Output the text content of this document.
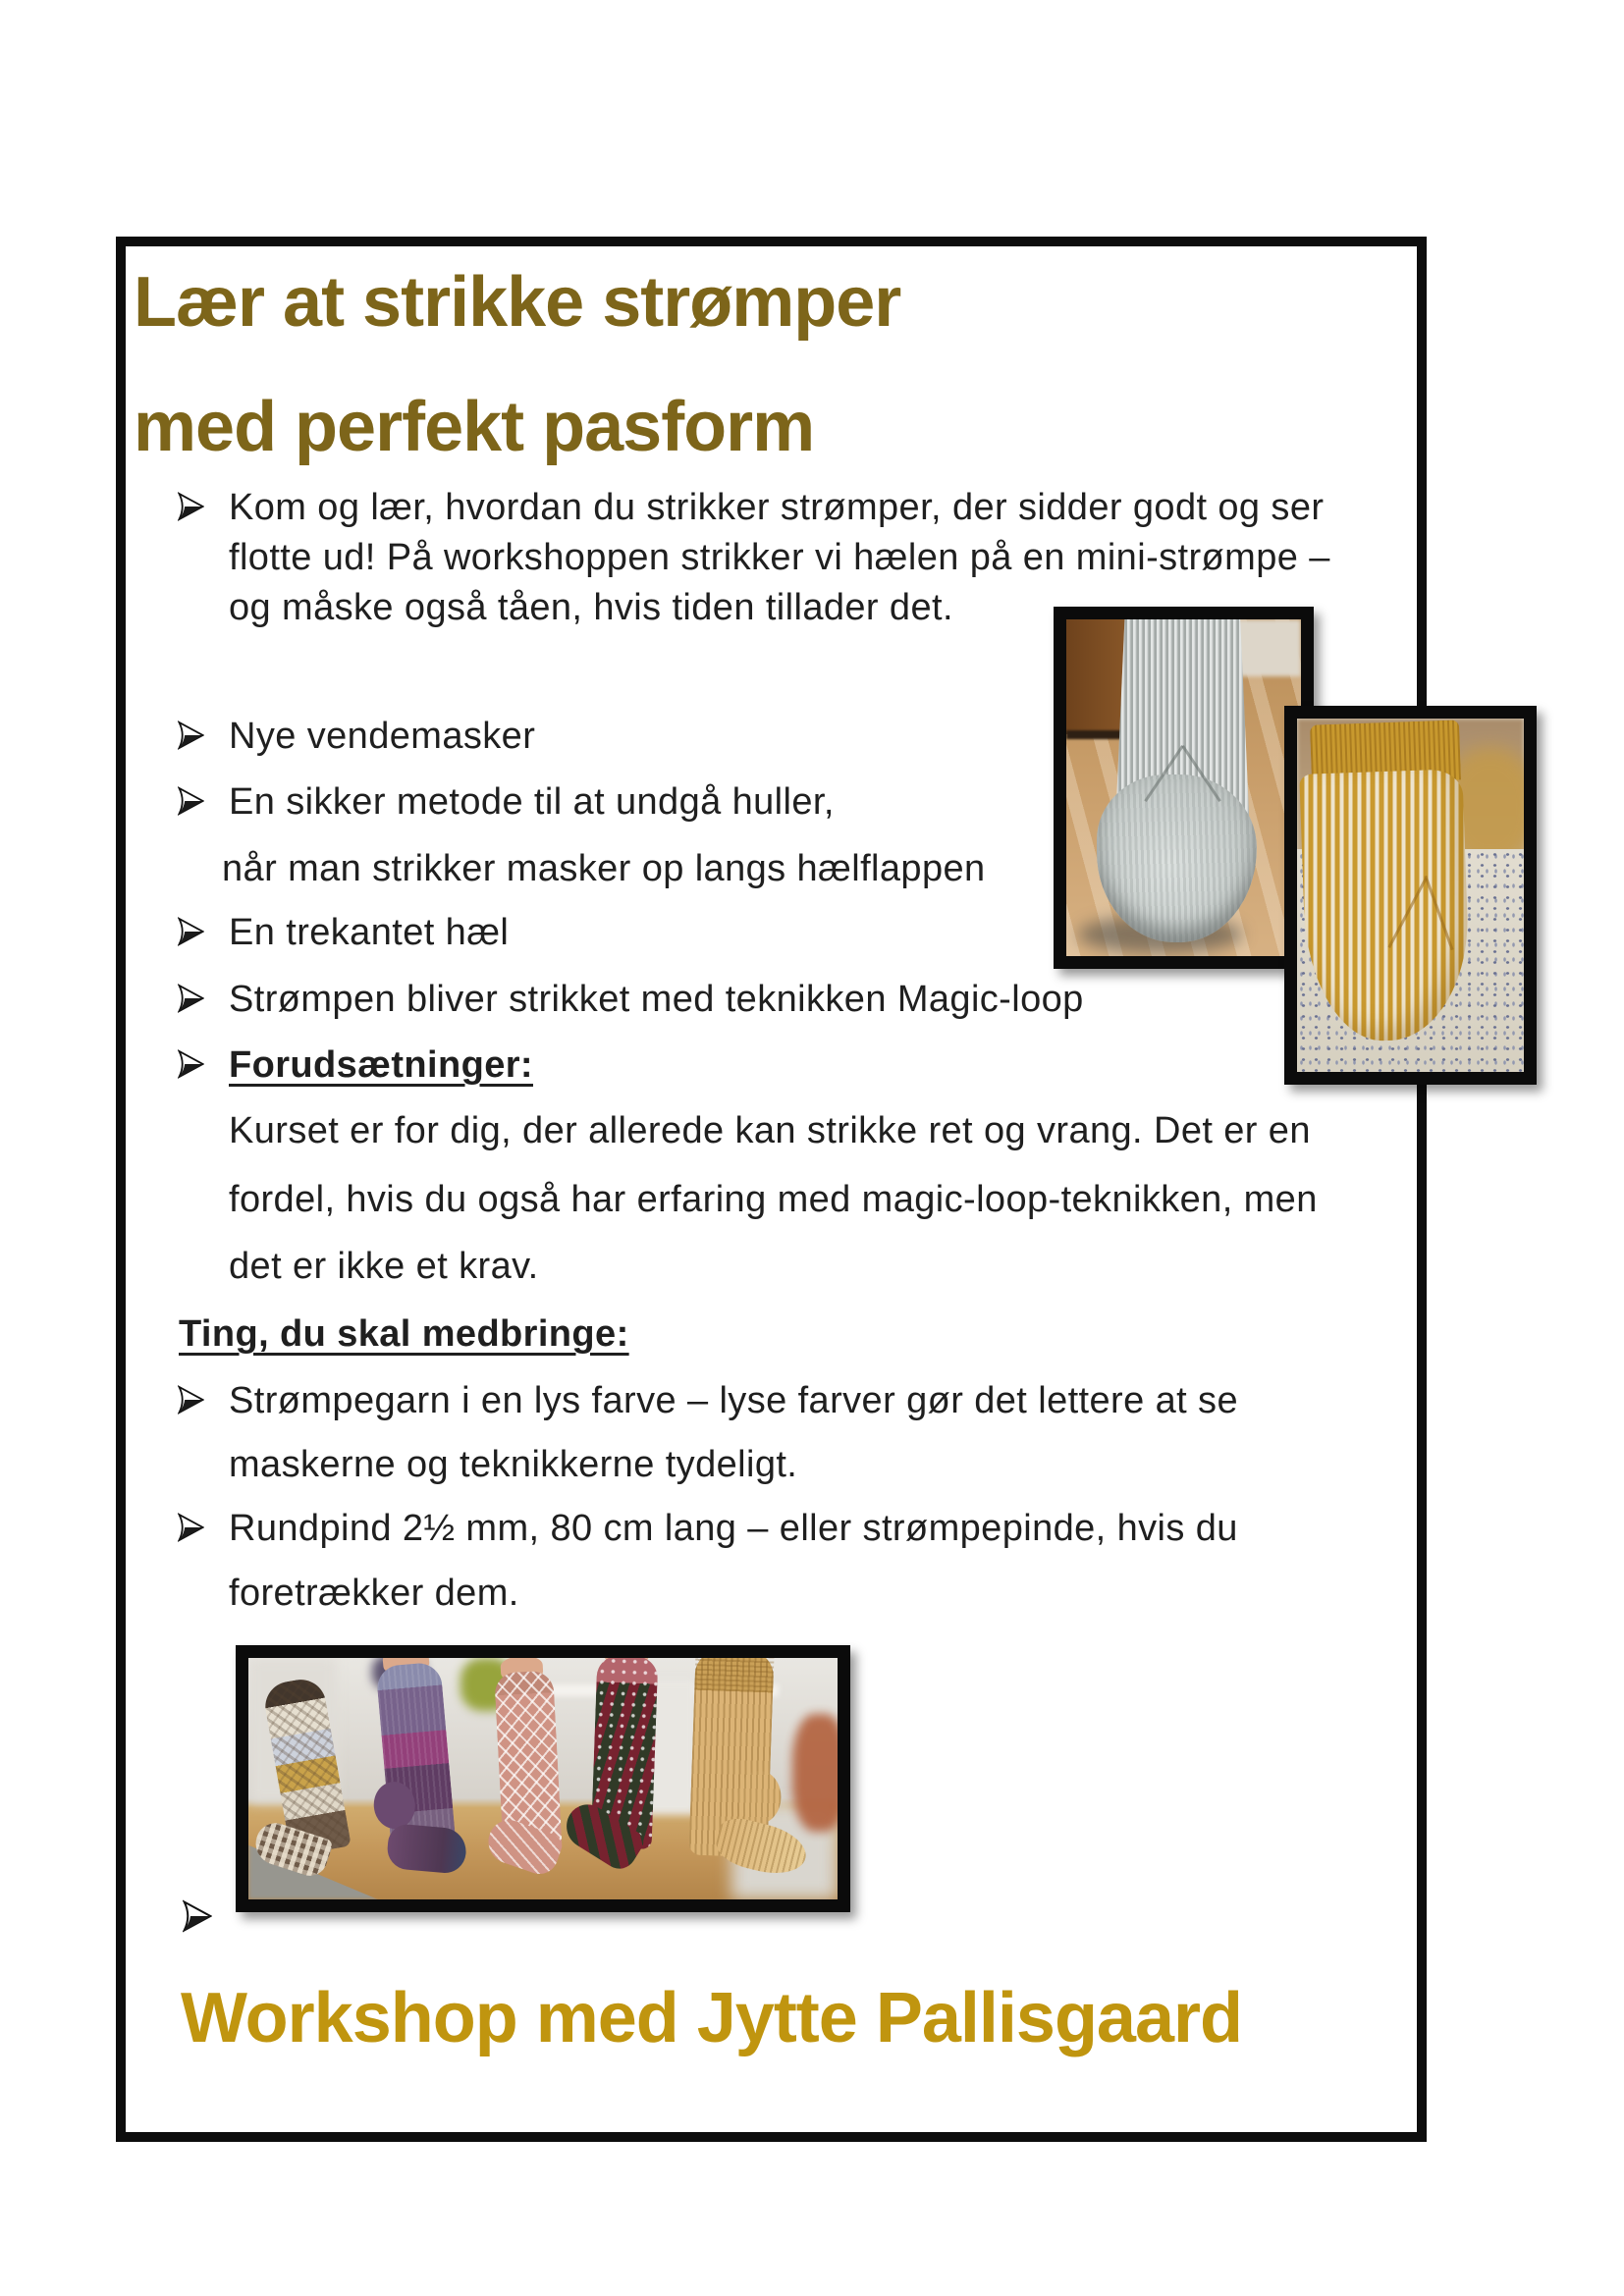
Lær at strikke strømper
med perfekt pasform
Kom og lær, hvordan du strikker strømper, der sidder godt og ser
flotte ud! På workshoppen strikker vi hælen på en mini-strømpe –
og måske også tåen, hvis tiden tillader det.
Nye vendemasker
En sikker metode til at undgå huller,
når man strikker masker op langs hælflappen
En trekantet hæl
Strømpen bliver strikket med teknikken Magic-loop
Forudsætninger:
Kurset er for dig, der allerede kan strikke ret og vrang. Det er en
fordel, hvis du også har erfaring med magic-loop-teknikken, men
det er ikke et krav.
Ting, du skal medbringe:
Strømpegarn i en lys farve – lyse farver gør det lettere at se
maskerne og teknikkerne tydeligt.
Rundpind 2½ mm, 80 cm lang – eller strømpepinde, hvis du
foretrækker dem.
Workshop med Jytte Pallisgaard
